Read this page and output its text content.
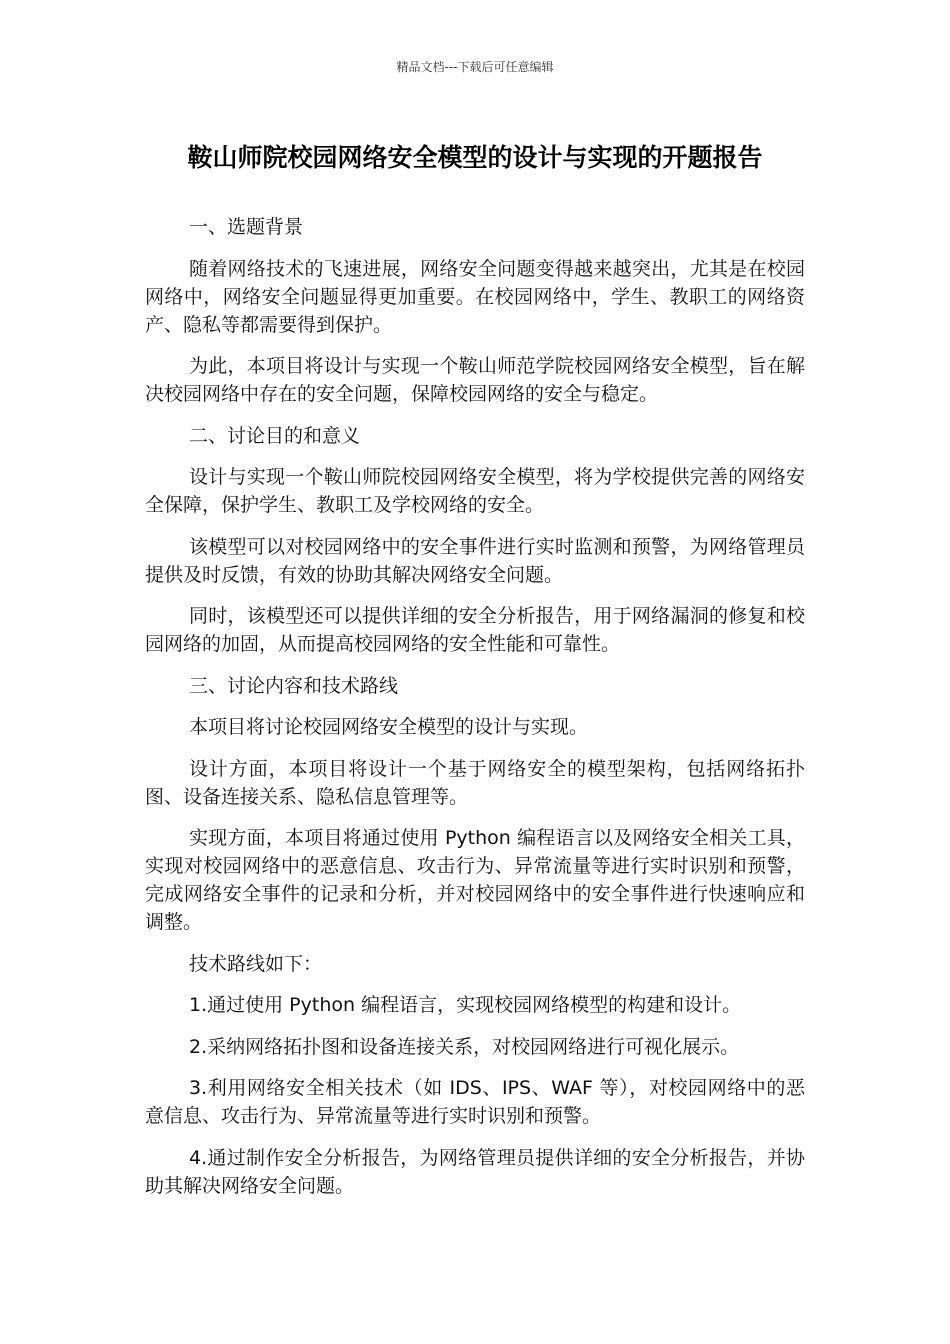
精品文档---下载后可任意编辑
鞍山师院校园网络安全模型的设计与实现的开题报告

一、选题背景

随着网络技术的飞速进展，网络安全问题变得越来越突出，尤其是在校园网络中，网络安全问题显得更加重要。在校园网络中，学生、教职工的网络资产、隐私等都需要得到保护。

为此，本项目将设计与实现一个鞍山师范学院校园网络安全模型，旨在解决校园网络中存在的安全问题，保障校园网络的安全与稳定。

二、讨论目的和意义

设计与实现一个鞍山师院校园网络安全模型，将为学校提供完善的网络安全保障，保护学生、教职工及学校网络的安全。

该模型可以对校园网络中的安全事件进行实时监测和预警，为网络管理员提供及时反馈，有效的协助其解决网络安全问题。

同时，该模型还可以提供详细的安全分析报告，用于网络漏洞的修复和校园网络的加固，从而提高校园网络的安全性能和可靠性。

三、讨论内容和技术路线

本项目将讨论校园网络安全模型的设计与实现。

设计方面，本项目将设计一个基于网络安全的模型架构，包括网络拓扑图、设备连接关系、隐私信息管理等。

实现方面，本项目将通过使用 Python 编程语言以及网络安全相关工具，实现对校园网络中的恶意信息、攻击行为、异常流量等进行实时识别和预警，完成网络安全事件的记录和分析，并对校园网络中的安全事件进行快速响应和调整。

技术路线如下：

1.通过使用 Python 编程语言，实现校园网络模型的构建和设计。

2.采纳网络拓扑图和设备连接关系，对校园网络进行可视化展示。

3.利用网络安全相关技术（如 IDS、IPS、WAF 等），对校园网络中的恶意信息、攻击行为、异常流量等进行实时识别和预警。

4.通过制作安全分析报告，为网络管理员提供详细的安全分析报告，并协助其解决网络安全问题。
